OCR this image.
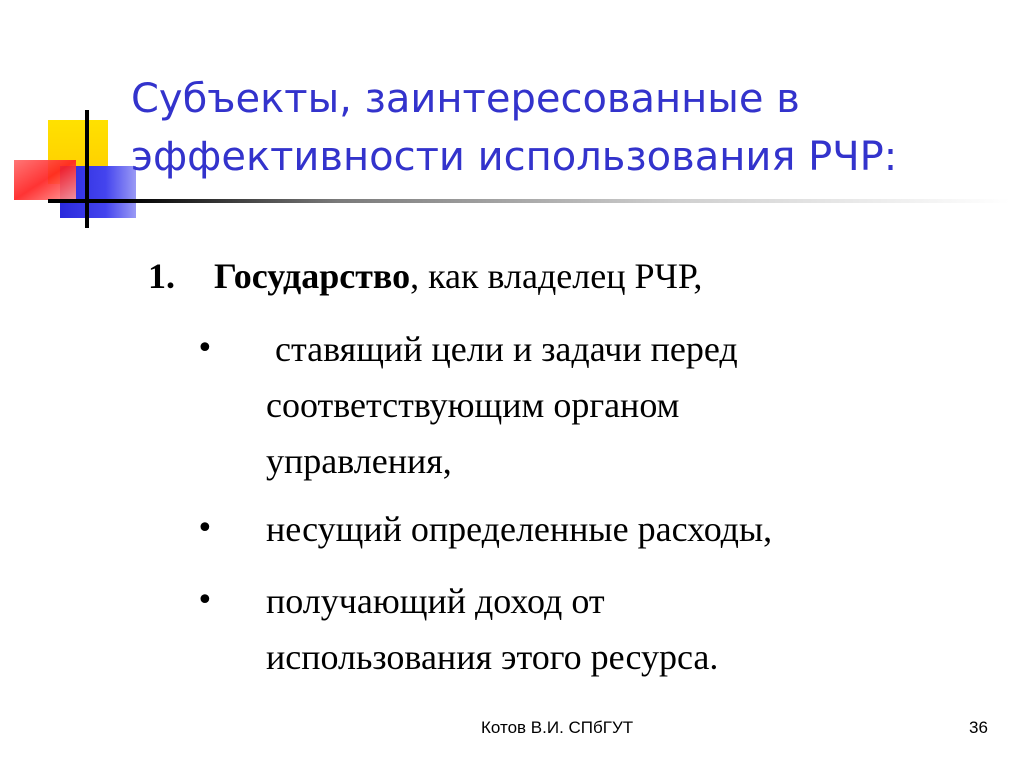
Субъекты, заинтересованные в
эффективности использования РЧР:
1. Государство, как владелец РЧР,
• ставящий цели и задачи перед
соответствующим органом
управления,
• несущий определенные расходы,
• получающий доход от
использования этого ресурса.
Котов В.И. СПбГУТ	36
